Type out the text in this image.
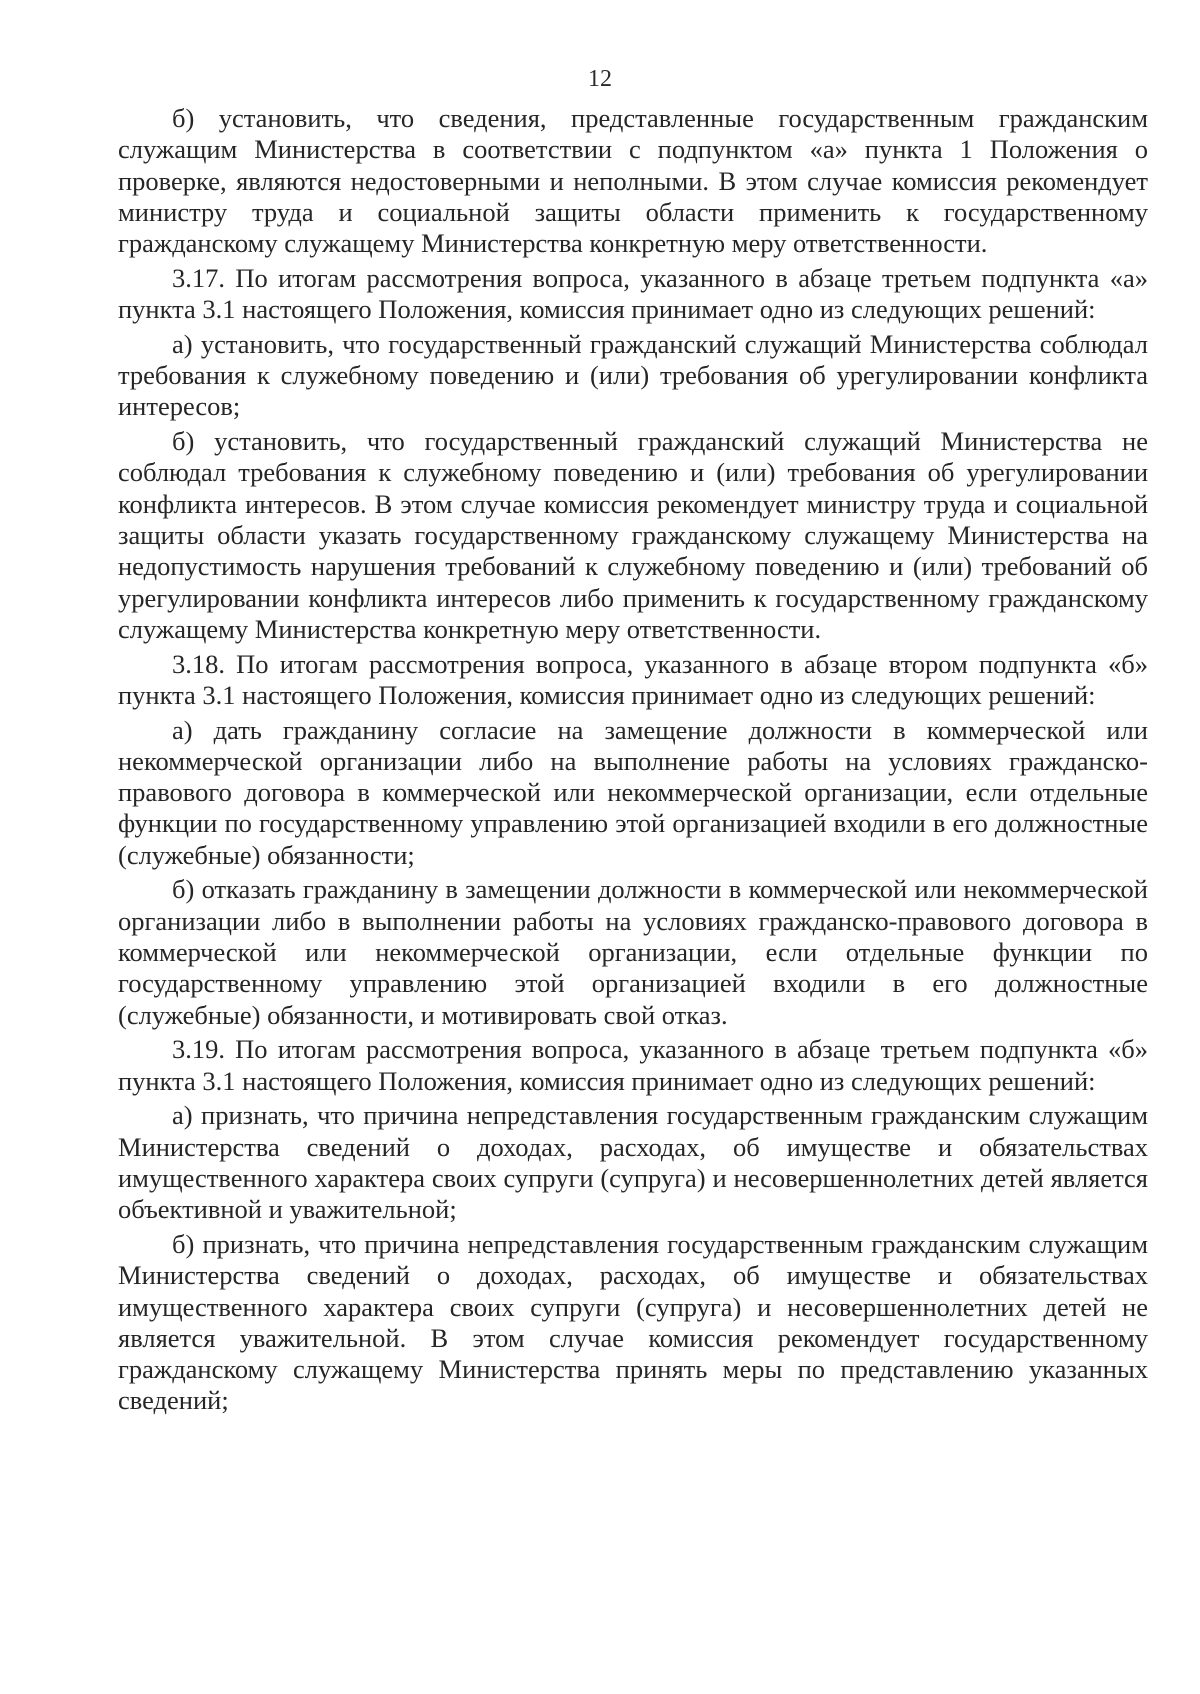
12

б) установить, что сведения, представленные государственным гражданским служащим Министерства в соответствии с подпунктом «а» пункта 1 Положения о проверке, являются недостоверными и неполными. В этом случае комиссия рекомендует министру труда и социальной защиты области применить к государственному гражданскому служащему Министерства конкретную меру ответственности.

3.17. По итогам рассмотрения вопроса, указанного в абзаце третьем подпункта «а» пункта 3.1 настоящего Положения, комиссия принимает одно из следующих решений:

а) установить, что государственный гражданский служащий Министерства соблюдал требования к служебному поведению и (или) требования об урегулировании конфликта интересов;

б) установить, что государственный гражданский служащий Министерства не соблюдал требования к служебному поведению и (или) требования об урегулировании конфликта интересов. В этом случае комиссия рекомендует министру труда и социальной защиты области указать государственному гражданскому служащему Министерства на недопустимость нарушения требований к служебному поведению и (или) требований об урегулировании конфликта интересов либо применить к государственному гражданскому служащему Министерства конкретную меру ответственности.

3.18. По итогам рассмотрения вопроса, указанного в абзаце втором подпункта «б» пункта 3.1 настоящего Положения, комиссия принимает одно из следующих решений:

а) дать гражданину согласие на замещение должности в коммерческой или некоммерческой организации либо на выполнение работы на условиях гражданско-правового договора в коммерческой или некоммерческой организации, если отдельные функции по государственному управлению этой организацией входили в его должностные (служебные) обязанности;

б) отказать гражданину в замещении должности в коммерческой или некоммерческой организации либо в выполнении работы на условиях гражданско-правового договора в коммерческой или некоммерческой организации, если отдельные функции по государственному управлению этой организацией входили в его должностные (служебные) обязанности, и мотивировать свой отказ.

3.19. По итогам рассмотрения вопроса, указанного в абзаце третьем подпункта «б» пункта 3.1 настоящего Положения, комиссия принимает одно из следующих решений:

а) признать, что причина непредставления государственным гражданским служащим Министерства сведений о доходах, расходах, об имуществе и обязательствах имущественного характера своих супруги (супруга) и несовершеннолетних детей является объективной и уважительной;

б) признать, что причина непредставления государственным гражданским служащим Министерства сведений о доходах, расходах, об имуществе и обязательствах имущественного характера своих супруги (супруга) и несовершеннолетних детей не является уважительной. В этом случае комиссия рекомендует государственному гражданскому служащему Министерства принять меры по представлению указанных сведений;
